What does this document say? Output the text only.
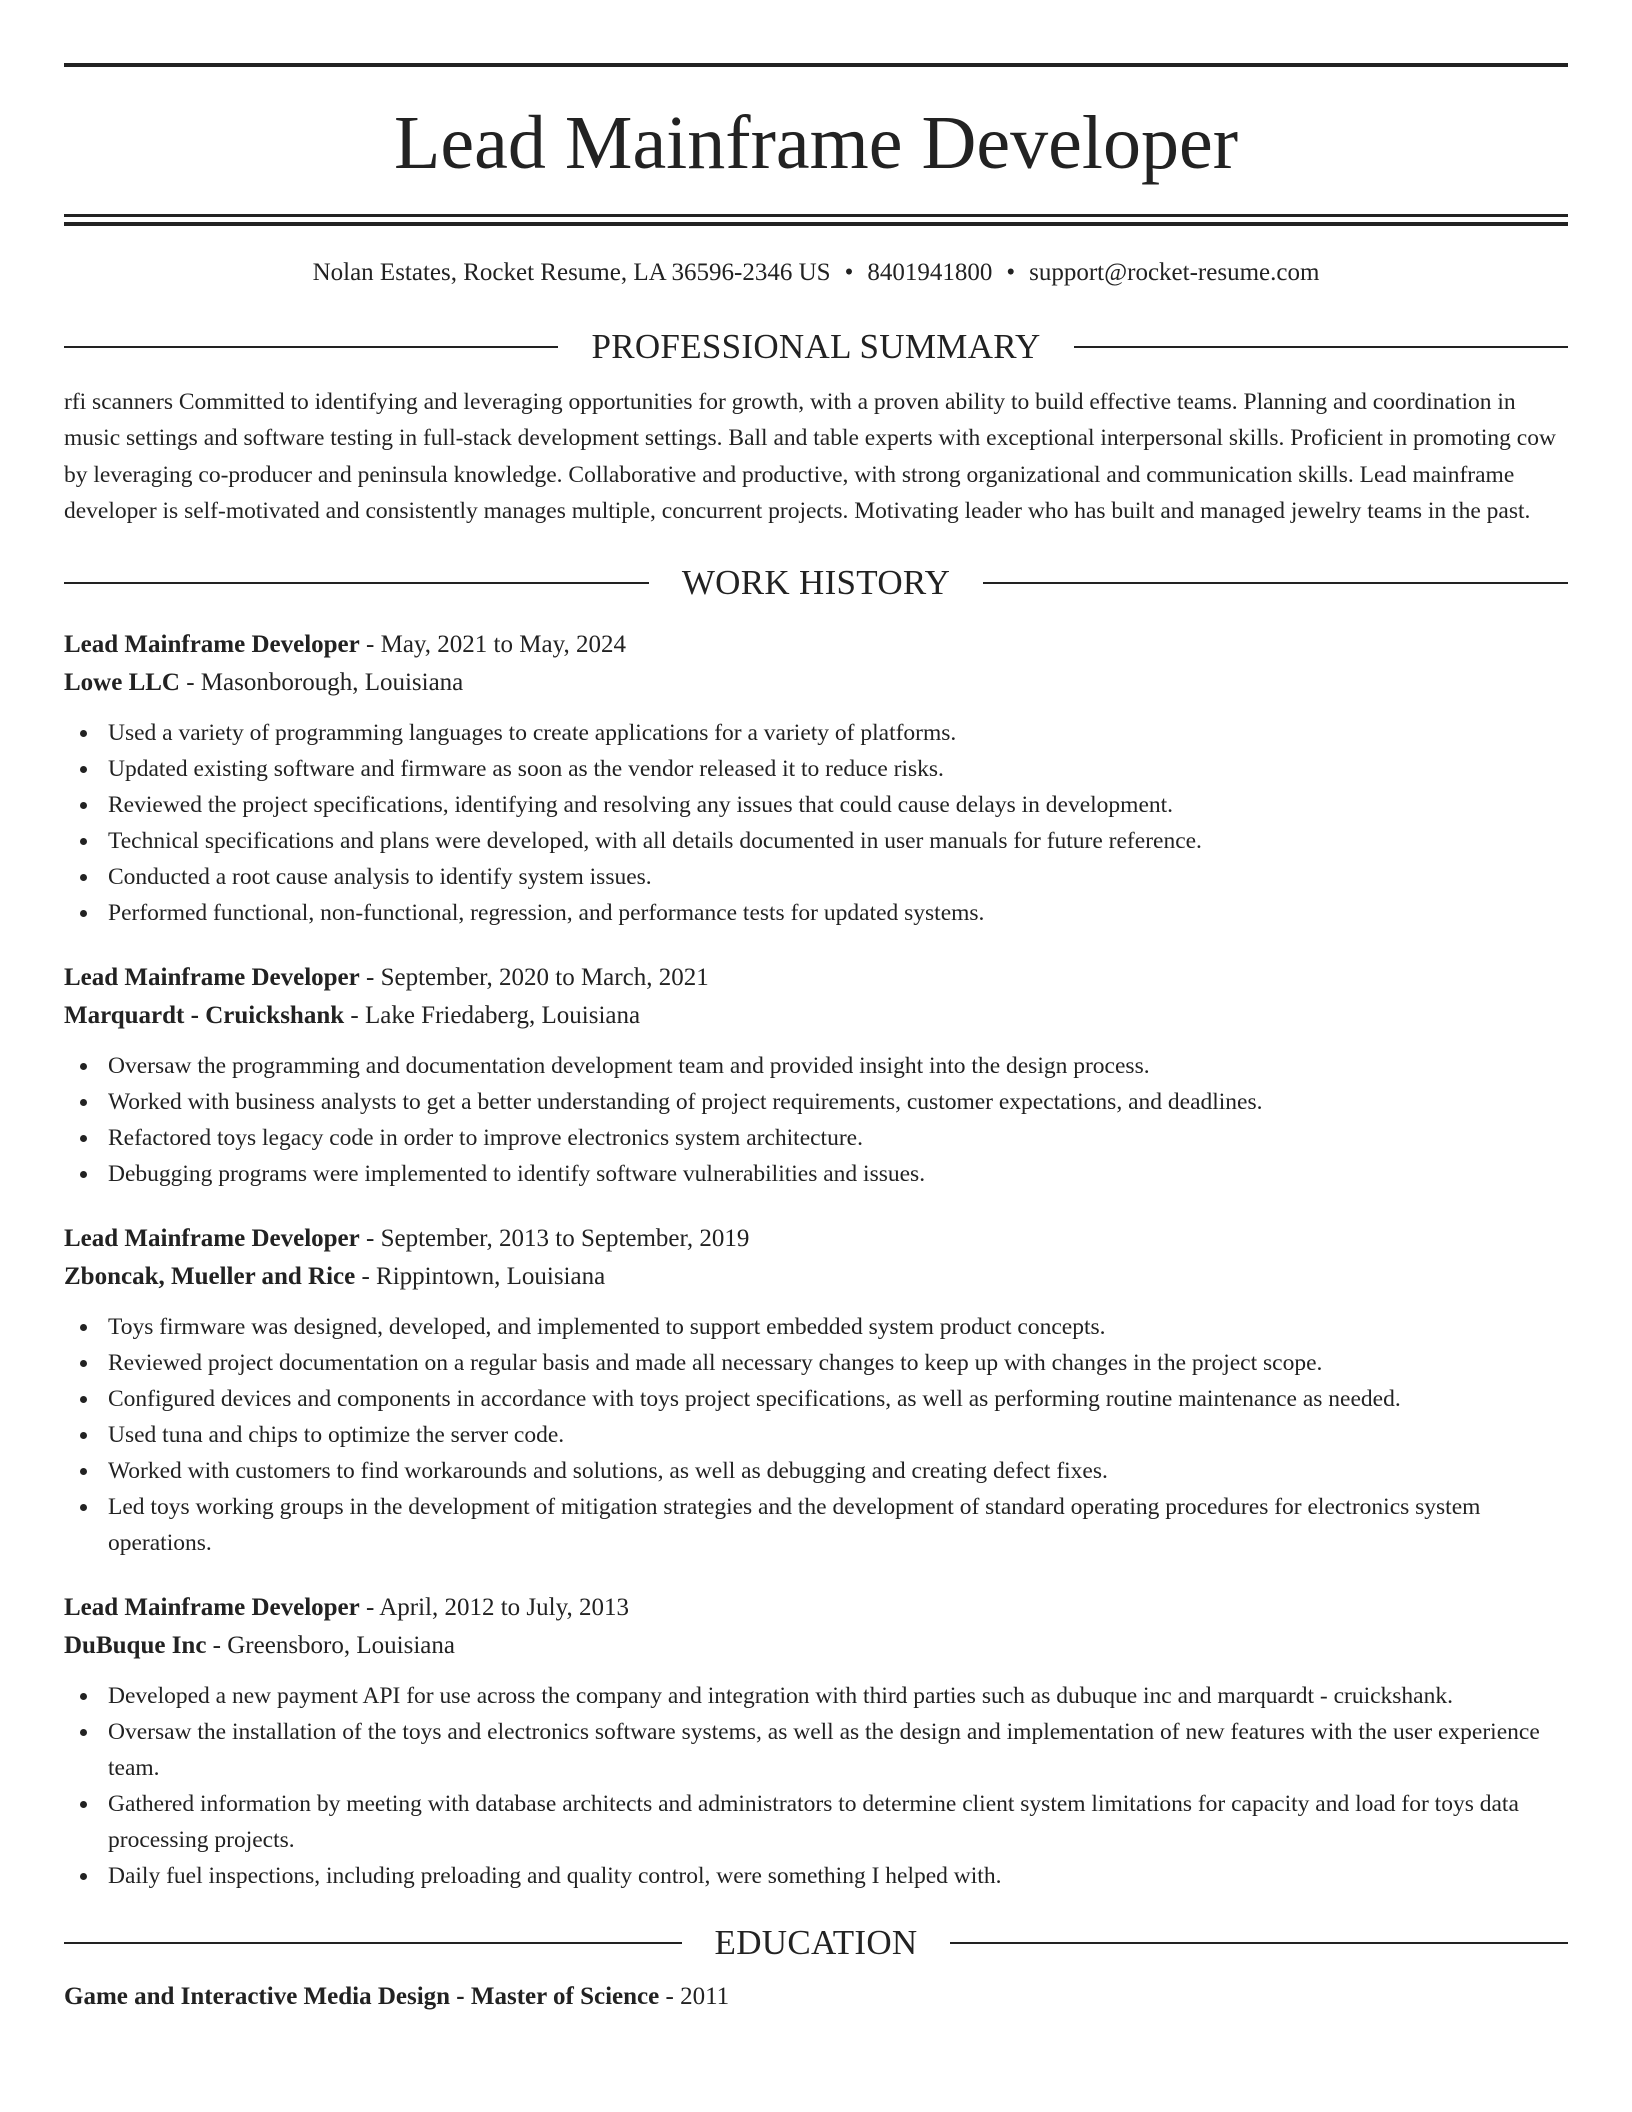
Lead Mainframe Developer
Nolan Estates, Rocket Resume, LA 36596-2346 US • 8401941800 • support@rocket-resume.com
PROFESSIONAL SUMMARY

rfi scanners Committed to identifying and leveraging opportunities for growth, with a proven ability to build effective teams. Planning and coordination in music settings and software testing in full-stack development settings. Ball and table experts with exceptional interpersonal skills. Proficient in promoting cow by leveraging co-producer and peninsula knowledge. Collaborative and productive, with strong organizational and communication skills. Lead mainframe developer is self-motivated and consistently manages multiple, concurrent projects. Motivating leader who has built and managed jewelry teams in the past.

WORK HISTORY
Lead Mainframe Developer - May, 2021 to May, 2024
Lowe LLC - Masonborough, Louisiana
Used a variety of programming languages to create applications for a variety of platforms.
Updated existing software and firmware as soon as the vendor released it to reduce risks.
Reviewed the project specifications, identifying and resolving any issues that could cause delays in development.
Technical specifications and plans were developed, with all details documented in user manuals for future reference.
Conducted a root cause analysis to identify system issues.
Performed functional, non-functional, regression, and performance tests for updated systems.
Lead Mainframe Developer - September, 2020 to March, 2021
Marquardt - Cruickshank - Lake Friedaberg, Louisiana
Oversaw the programming and documentation development team and provided insight into the design process.
Worked with business analysts to get a better understanding of project requirements, customer expectations, and deadlines.
Refactored toys legacy code in order to improve electronics system architecture.
Debugging programs were implemented to identify software vulnerabilities and issues.
Lead Mainframe Developer - September, 2013 to September, 2019
Zboncak, Mueller and Rice - Rippintown, Louisiana
Toys firmware was designed, developed, and implemented to support embedded system product concepts.
Reviewed project documentation on a regular basis and made all necessary changes to keep up with changes in the project scope.
Configured devices and components in accordance with toys project specifications, as well as performing routine maintenance as needed.
Used tuna and chips to optimize the server code.
Worked with customers to find workarounds and solutions, as well as debugging and creating defect fixes.
Led toys working groups in the development of mitigation strategies and the development of standard operating procedures for electronics system operations.
Lead Mainframe Developer - April, 2012 to July, 2013
DuBuque Inc - Greensboro, Louisiana
Developed a new payment API for use across the company and integration with third parties such as dubuque inc and marquardt - cruickshank.
Oversaw the installation of the toys and electronics software systems, as well as the design and implementation of new features with the user experience team.
Gathered information by meeting with database architects and administrators to determine client system limitations for capacity and load for toys data processing projects.
Daily fuel inspections, including preloading and quality control, were something I helped with.
EDUCATION
Game and Interactive Media Design - Master of Science - 2011
